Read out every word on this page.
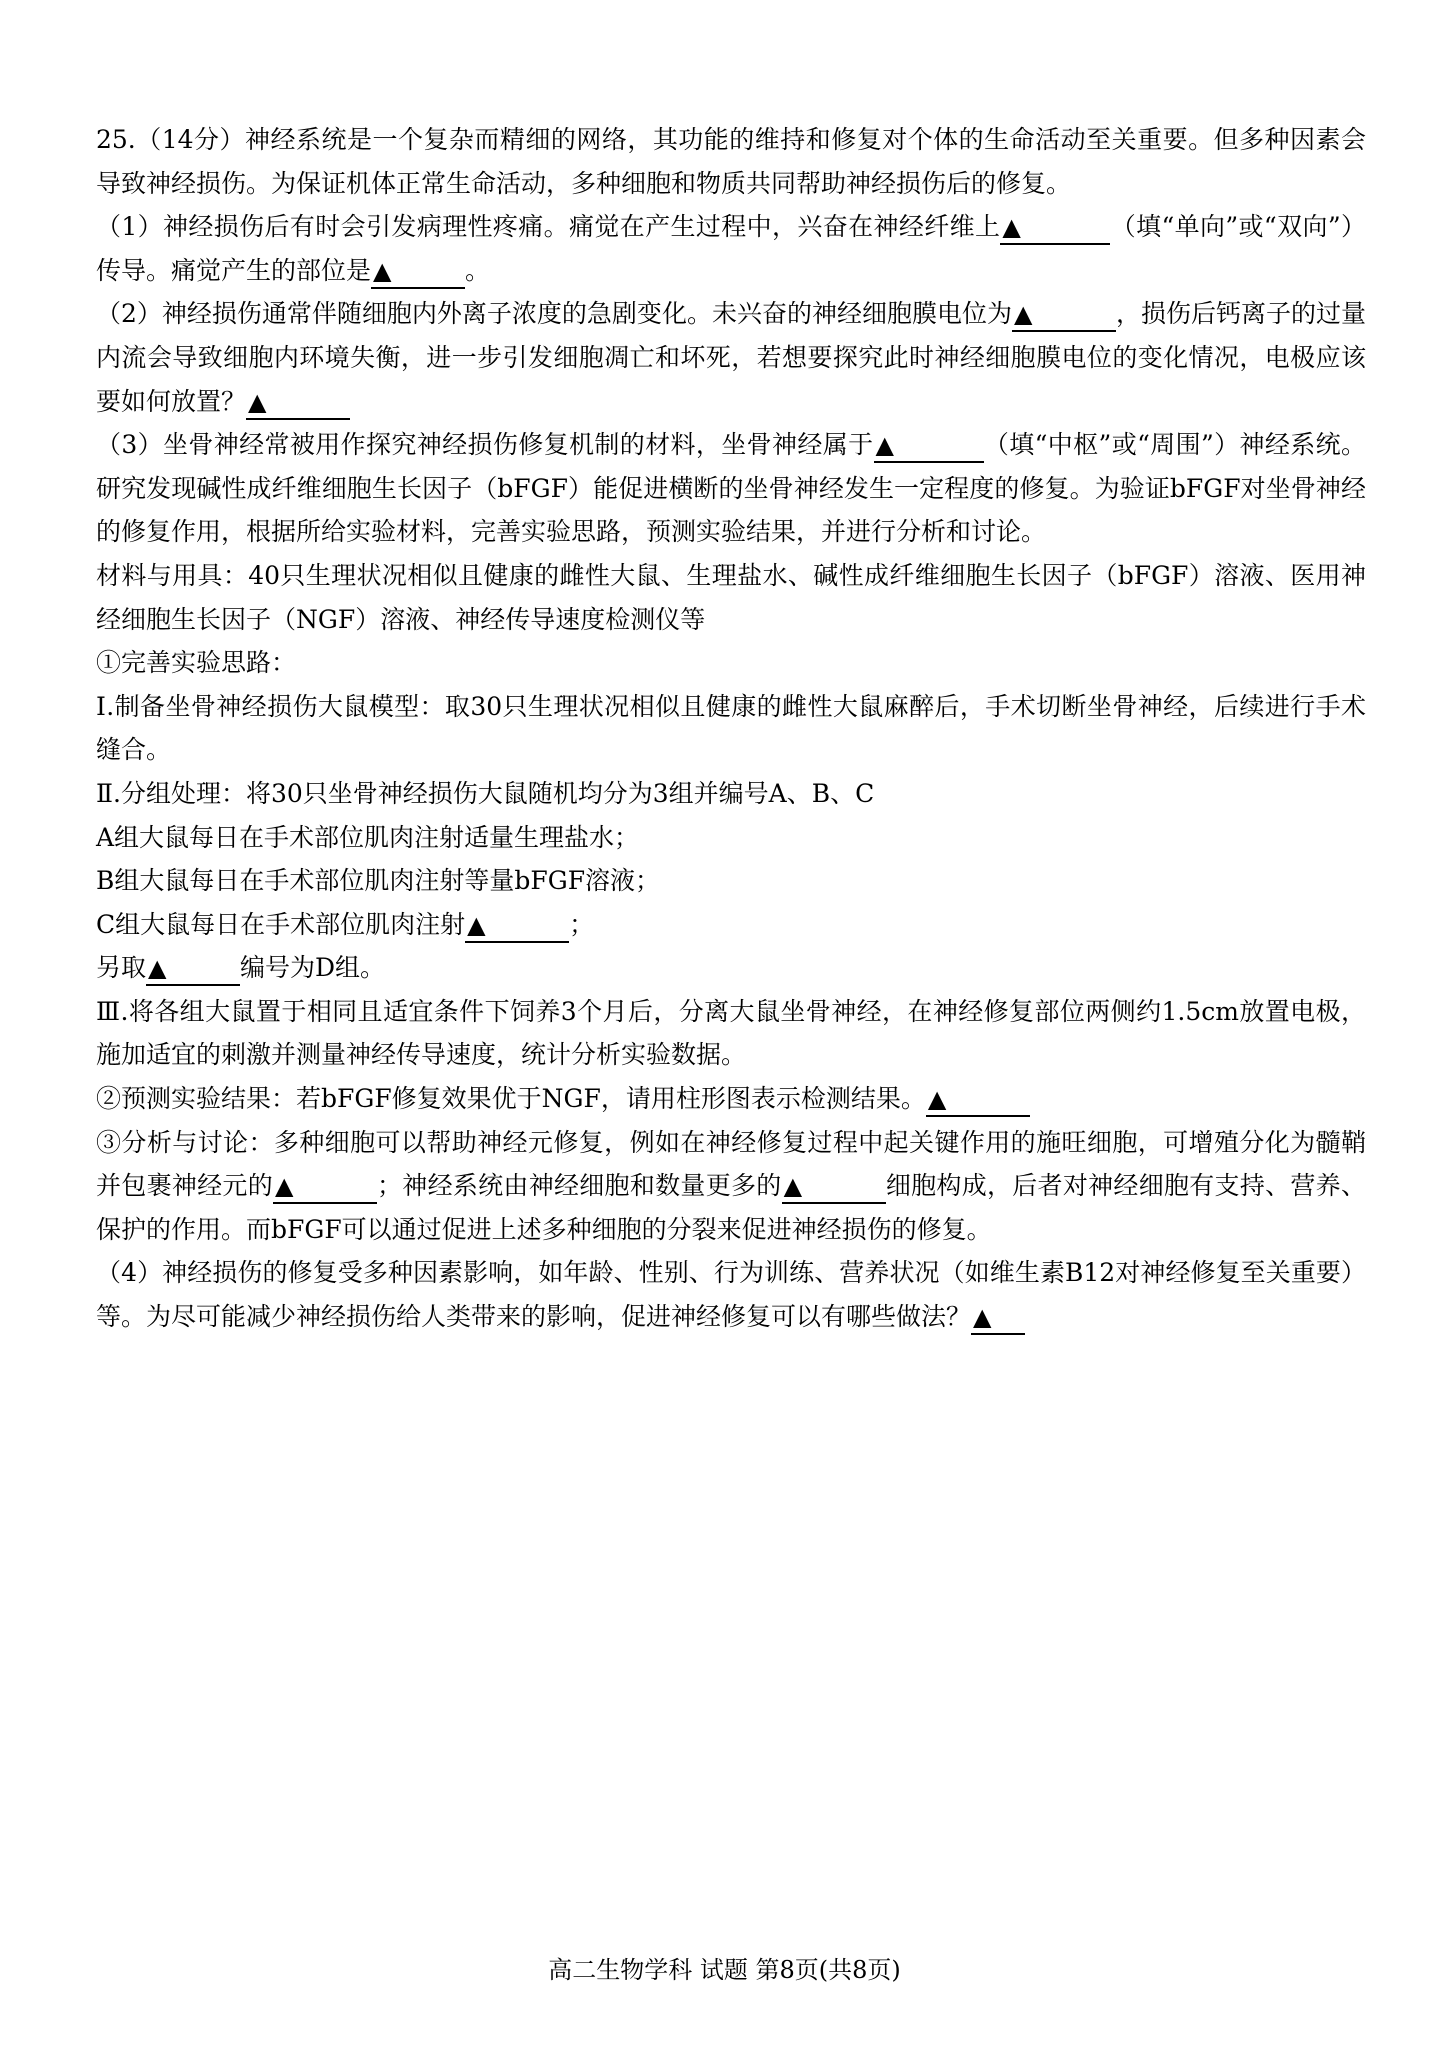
25.（14分）神经系统是一个复杂而精细的网络，其功能的维持和修复对个体的生命活动至关重要。但多种因素会导致神经损伤。为保证机体正常生命活动，多种细胞和物质共同帮助神经损伤后的修复。

（1）神经损伤后有时会引发病理性疼痛。痛觉在产生过程中，兴奋在神经纤维上▲	（填“单向”或“双向”）传导。痛觉产生的部位是▲	。

（2）神经损伤通常伴随细胞内外离子浓度的急剧变化。未兴奋的神经细胞膜电位为▲	，损伤后钙离子的过量内流会导致细胞内环境失衡，进一步引发细胞凋亡和坏死，若想要探究此时神经细胞膜电位的变化情况，电极应该要如何放置？▲

（3）坐骨神经常被用作探究神经损伤修复机制的材料，坐骨神经属于▲	（填“中枢”或“周围”）神经系统。研究发现碱性成纤维细胞生长因子（bFGF）能促进横断的坐骨神经发生一定程度的修复。为验证bFGF对坐骨神经的修复作用，根据所给实验材料，完善实验思路，预测实验结果，并进行分析和讨论。

材料与用具：40只生理状况相似且健康的雌性大鼠、生理盐水、碱性成纤维细胞生长因子（bFGF）溶液、医用神经细胞生长因子（NGF）溶液、神经传导速度检测仪等

①完善实验思路：

Ⅰ.制备坐骨神经损伤大鼠模型：取30只生理状况相似且健康的雌性大鼠麻醉后，手术切断坐骨神经，后续进行手术缝合。

Ⅱ.分组处理：将30只坐骨神经损伤大鼠随机均分为3组并编号A、B、C

A组大鼠每日在手术部位肌肉注射适量生理盐水；

B组大鼠每日在手术部位肌肉注射等量bFGF溶液；

C组大鼠每日在手术部位肌肉注射▲	；

另取▲	编号为D组。

Ⅲ.将各组大鼠置于相同且适宜条件下饲养3个月后，分离大鼠坐骨神经，在神经修复部位两侧约1.5cm放置电极，施加适宜的刺激并测量神经传导速度，统计分析实验数据。

②预测实验结果：若bFGF修复效果优于NGF，请用柱形图表示检测结果。▲

③分析与讨论：多种细胞可以帮助神经元修复，例如在神经修复过程中起关键作用的施旺细胞，可增殖分化为髓鞘并包裹神经元的▲	；神经系统由神经细胞和数量更多的▲	细胞构成，后者对神经细胞有支持、营养、保护的作用。而bFGF可以通过促进上述多种细胞的分裂来促进神经损伤的修复。

（4）神经损伤的修复受多种因素影响，如年龄、性别、行为训练、营养状况（如维生素B12对神经修复至关重要）等。为尽可能减少神经损伤给人类带来的影响，促进神经修复可以有哪些做法？▲

高二生物学科 试题 第8页(共8页)
